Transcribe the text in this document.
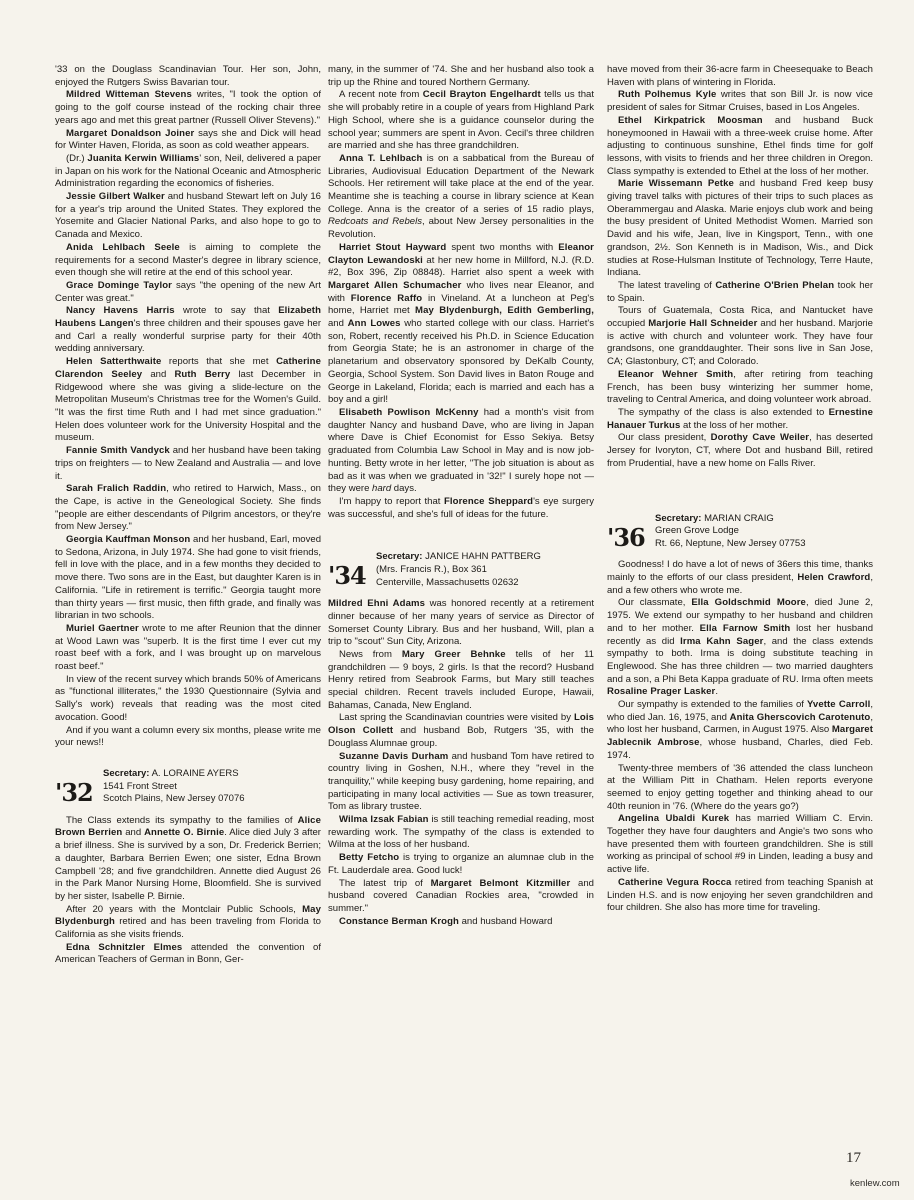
'33 on the Douglass Scandinavian Tour. Her son, John, enjoyed the Rutgers Swiss Bavarian tour.

Mildred Witteman Stevens writes, "I took the option of going to the golf course instead of the rocking chair three years ago and met this great partner (Russell Oliver Stevens)."

Margaret Donaldson Joiner says she and Dick will head for Winter Haven, Florida, as soon as cold weather appears.

(Dr.) Juanita Kerwin Williams' son, Neil, delivered a paper in Japan on his work for the National Oceanic and Atmospheric Administration regarding the economics of fisheries.

Jessie Gilbert Walker and husband Stewart left on July 16 for a year's trip around the United States. They explored the Yosemite and Glacier National Parks, and also hope to go to Canada and Mexico.

Anida Lehlbach Seele is aiming to complete the requirements for a second Master's degree in library science, even though she will retire at the end of this school year.

Grace Dominge Taylor says "the opening of the new Art Center was great."

Nancy Havens Harris wrote to say that Elizabeth Haubens Langen's three children and their spouses gave her and Carl a really wonderful surprise party for their 40th wedding anniversary.

Helen Satterthwaite reports that she met Catherine Clarendon Seeley and Ruth Berry last December in Ridgewood where she was giving a slide-lecture on the Metropolitan Museum's Christmas tree for the Women's Guild. "It was the first time Ruth and I had met since graduation." Helen does volunteer work for the University Hospital and the museum.

Fannie Smith Vandyck and her husband have been taking trips on freighters — to New Zealand and Australia — and love it.

Sarah Fralich Raddin, who retired to Harwich, Mass., on the Cape, is active in the Geneological Society. She finds "people are either descendants of Pilgrim ancestors, or they're from New Jersey."

Georgia Kauffman Monson and her husband, Earl, moved to Sedona, Arizona, in July 1974. She had gone to visit friends, fell in love with the place, and in a few months they decided to move there. Two sons are in the East, but daughter Karen is in California. "Life in retirement is terrific." Georgia taught more than thirty years — first music, then fifth grade, and finally was librarian in two schools.

Muriel Gaertner wrote to me after Reunion that the dinner at Wood Lawn was "superb. It is the first time I ever cut my roast beef with a fork, and I was brought up on marvelous roast beef."

In view of the recent survey which brands 50% of Americans as "functional illiterates," the 1930 Questionnaire (Sylvia and Sally's work) reveals that reading was the most cited avocation. Good!

And if you want a column every six months, please write me your news!!

'32
Secretary: A. LORAINE AYERS
1541 Front Street
Scotch Plains, New Jersey 07076

The Class extends its sympathy to the families of Alice Brown Berrien and Annette O. Birnie. Alice died July 3 after a brief illness. She is survived by a son, Dr. Frederick Berrien; a daughter, Barbara Berrien Ewen; one sister, Edna Brown Campbell '28; and five grandchildren. Annette died August 26 in the Park Manor Nursing Home, Bloomfield. She is survived by her sister, Isabelle P. Birnie.

After 20 years with the Montclair Public Schools, May Blydenburgh retired and has been traveling from Florida to California as she visits friends.

Edna Schnitzler Elmes attended the convention of American Teachers of German in Bonn, Ger-

many, in the summer of '74. She and her husband also took a trip up the Rhine and toured Northern Germany.

A recent note from Cecil Brayton Engelhardt tells us that she will probably retire in a couple of years from Highland Park High School, where she is a guidance counselor during the school year; summers are spent in Avon. Cecil's three children are married and she has three grandchildren.

Anna T. Lehlbach is on a sabbatical from the Bureau of Libraries, Audiovisual Education Department of the Newark Schools. Her retirement will take place at the end of the year. Meantime she is teaching a course in library science at Kean College. Anna is the creator of a series of 15 radio plays, Redcoats and Rebels, about New Jersey personalities in the Revolution.

Harriet Stout Hayward spent two months with Eleanor Clayton Lewandoski at her new home in Millford, N.J. (R.D. #2, Box 396, Zip 08848). Harriet also spent a week with Margaret Allen Schumacher who lives near Eleanor, and with Florence Raffo in Vineland. At a luncheon at Peg's home, Harriet met May Blydenburgh, Edith Gemberling, and Ann Lowes who started college with our class. Harriet's son, Robert, recently received his Ph.D. in Science Education from Georgia State; he is an astronomer in charge of the planetarium and observatory sponsored by DeKalb County, Georgia, School System. Son David lives in Baton Rouge and George in Lakeland, Florida; each is married and each has a boy and a girl!

Elisabeth Powlison McKenny had a month's visit from daughter Nancy and husband Dave, who are living in Japan where Dave is Chief Economist for Esso Sekiya. Betsy graduated from Columbia Law School in May and is now job-hunting. Betty wrote in her letter, "The job situation is about as bad as it was when we graduated in '32!" I surely hope not — they were hard days.

I'm happy to report that Florence Sheppard's eye surgery was successful, and she's full of ideas for the future.

'34
Secretary: JANICE HAHN PATTBERG
(Mrs. Francis R.), Box 361
Centerville, Massachusetts 02632

Mildred Ehni Adams was honored recently at a retirement dinner because of her many years of service as Director of Somerset County Library. Bus and her husband, Will, plan a trip to "scout" Sun City, Arizona.

News from Mary Greer Behnke tells of her 11 grandchildren — 9 boys, 2 girls. Is that the record? Husband Henry retired from Seabrook Farms, but Mary still teaches special children. Recent travels included Europe, Hawaii, Bahamas, Canada, New England.

Last spring the Scandinavian countries were visited by Lois Olson Collett and husband Bob, Rutgers '35, with the Douglass Alumnae group.

Suzanne Davis Durham and husband Tom have retired to country living in Goshen, N.H., where they "revel in the tranquility," while keeping busy gardening, home repairing, and participating in many local activities — Sue as town treasurer, Tom as library trustee.

Wilma Izsak Fabian is still teaching remedial reading, most rewarding work. The sympathy of the class is extended to Wilma at the loss of her husband.

Betty Fetcho is trying to organize an alumnae club in the Ft. Lauderdale area. Good luck!

The latest trip of Margaret Belmont Kitzmiller and husband covered Canadian Rockies area, "crowded in summer."

Constance Berman Krogh and husband Howard

have moved from their 36-acre farm in Cheesequake to Beach Haven with plans of wintering in Florida.

Ruth Polhemus Kyle writes that son Bill Jr. is now vice president of sales for Sitmar Cruises, based in Los Angeles.

Ethel Kirkpatrick Moosman and husband Buck honeymooned in Hawaii with a three-week cruise home. After adjusting to continuous sunshine, Ethel finds time for golf lessons, with visits to friends and her three children in Oregon. Class sympathy is extended to Ethel at the loss of her mother.

Marie Wissemann Petke and husband Fred keep busy giving travel talks with pictures of their trips to such places as Oberammergau and Alaska. Marie enjoys club work and being the busy president of United Methodist Women. Married son David and his wife, Jean, live in Kingsport, Tenn., with one grandson, 2½. Son Kenneth is in Madison, Wis., and Dick studies at Rose-Hulsman Institute of Technology, Terre Haute, Indiana.

The latest traveling of Catherine O'Brien Phelan took her to Spain.

Tours of Guatemala, Costa Rica, and Nantucket have occupied Marjorie Hall Schneider and her husband. Marjorie is active with church and volunteer work. They have four grandsons, one granddaughter. Their sons live in San Jose, CA; Glastonbury, CT; and Colorado.

Eleanor Wehner Smith, after retiring from teaching French, has been busy winterizing her summer home, traveling to Central America, and doing volunteer work abroad.

The sympathy of the class is also extended to Ernestine Hanauer Turkus at the loss of her mother.

Our class president, Dorothy Cave Weiler, has deserted Jersey for Ivoryton, CT, where Dot and husband Bill, retired from Prudential, have a new home on Falls River.

'36
Secretary: MARIAN CRAIG
Green Grove Lodge
Rt. 66, Neptune, New Jersey 07753

Goodness! I do have a lot of news of 36ers this time, thanks mainly to the efforts of our class president, Helen Crawford, and a few others who wrote me.

Our classmate, Ella Goldschmid Moore, died June 2, 1975. We extend our sympathy to her husband and children and to her mother. Ella Farnow Smith lost her husband recently as did Irma Kahn Sager, and the class extends sympathy to both. Irma is doing substitute teaching in Englewood. She has three children — two married daughters and a son, a Phi Beta Kappa graduate of RU. Irma often meets Rosaline Prager Lasker.

Our sympathy is extended to the families of Yvette Carroll, who died Jan. 16, 1975, and Anita Gherscovich Carotenuto, who lost her husband, Carmen, in August 1975. Also Margaret Jablecnik Ambrose, whose husband, Charles, died Feb. 1974.

Twenty-three members of '36 attended the class luncheon at the William Pitt in Chatham. Helen reports everyone seemed to enjoy getting together and thinking ahead to our 40th reunion in '76. (Where do the years go?)

Angelina Ubaldi Kurek has married William C. Ervin. Together they have four daughters and Angie's two sons who have presented them with fourteen grandchildren. She is still working as principal of school #9 in Linden, leading a busy and active life.

Catherine Vegura Rocca retired from teaching Spanish at Linden H.S. and is now enjoying her seven grandchildren and four children. She also has more time for traveling.

17
kenlew.com
